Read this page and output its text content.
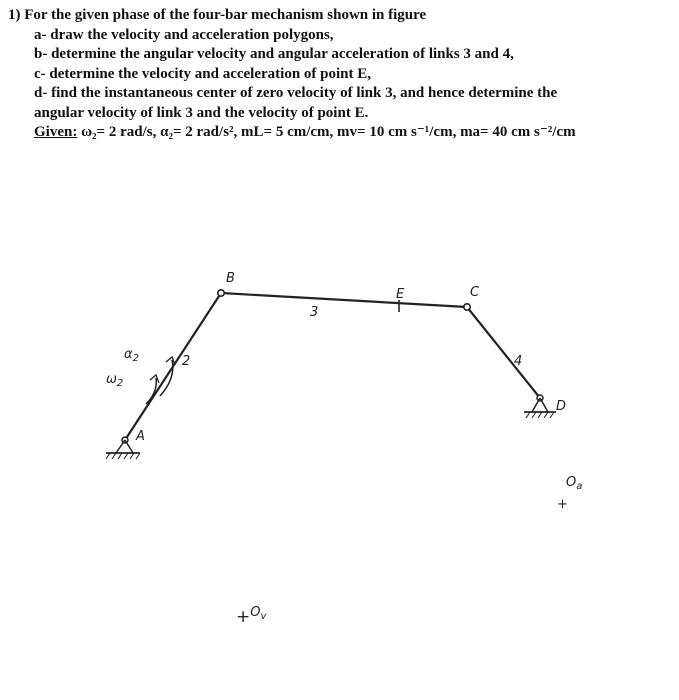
1) For the given phase of the four-bar mechanism shown in figure
a- draw the velocity and acceleration polygons,
b- determine the angular velocity and angular acceleration of links 3 and 4,
c- determine the velocity and acceleration of point E,
d- find the instantaneous center of zero velocity of link 3, and hence determine the
angular velocity of link 3 and the velocity of point E.
Given: ω₂= 2 rad/s, α₂= 2 rad/s², mL= 5 cm/cm, mv= 10 cm s⁻¹/cm, ma= 40 cm s⁻²/cm
B
E	C
D
A
2
3
4
$\alpha_2$
$\omega_2$
$+O_v$
$O_a$
+
